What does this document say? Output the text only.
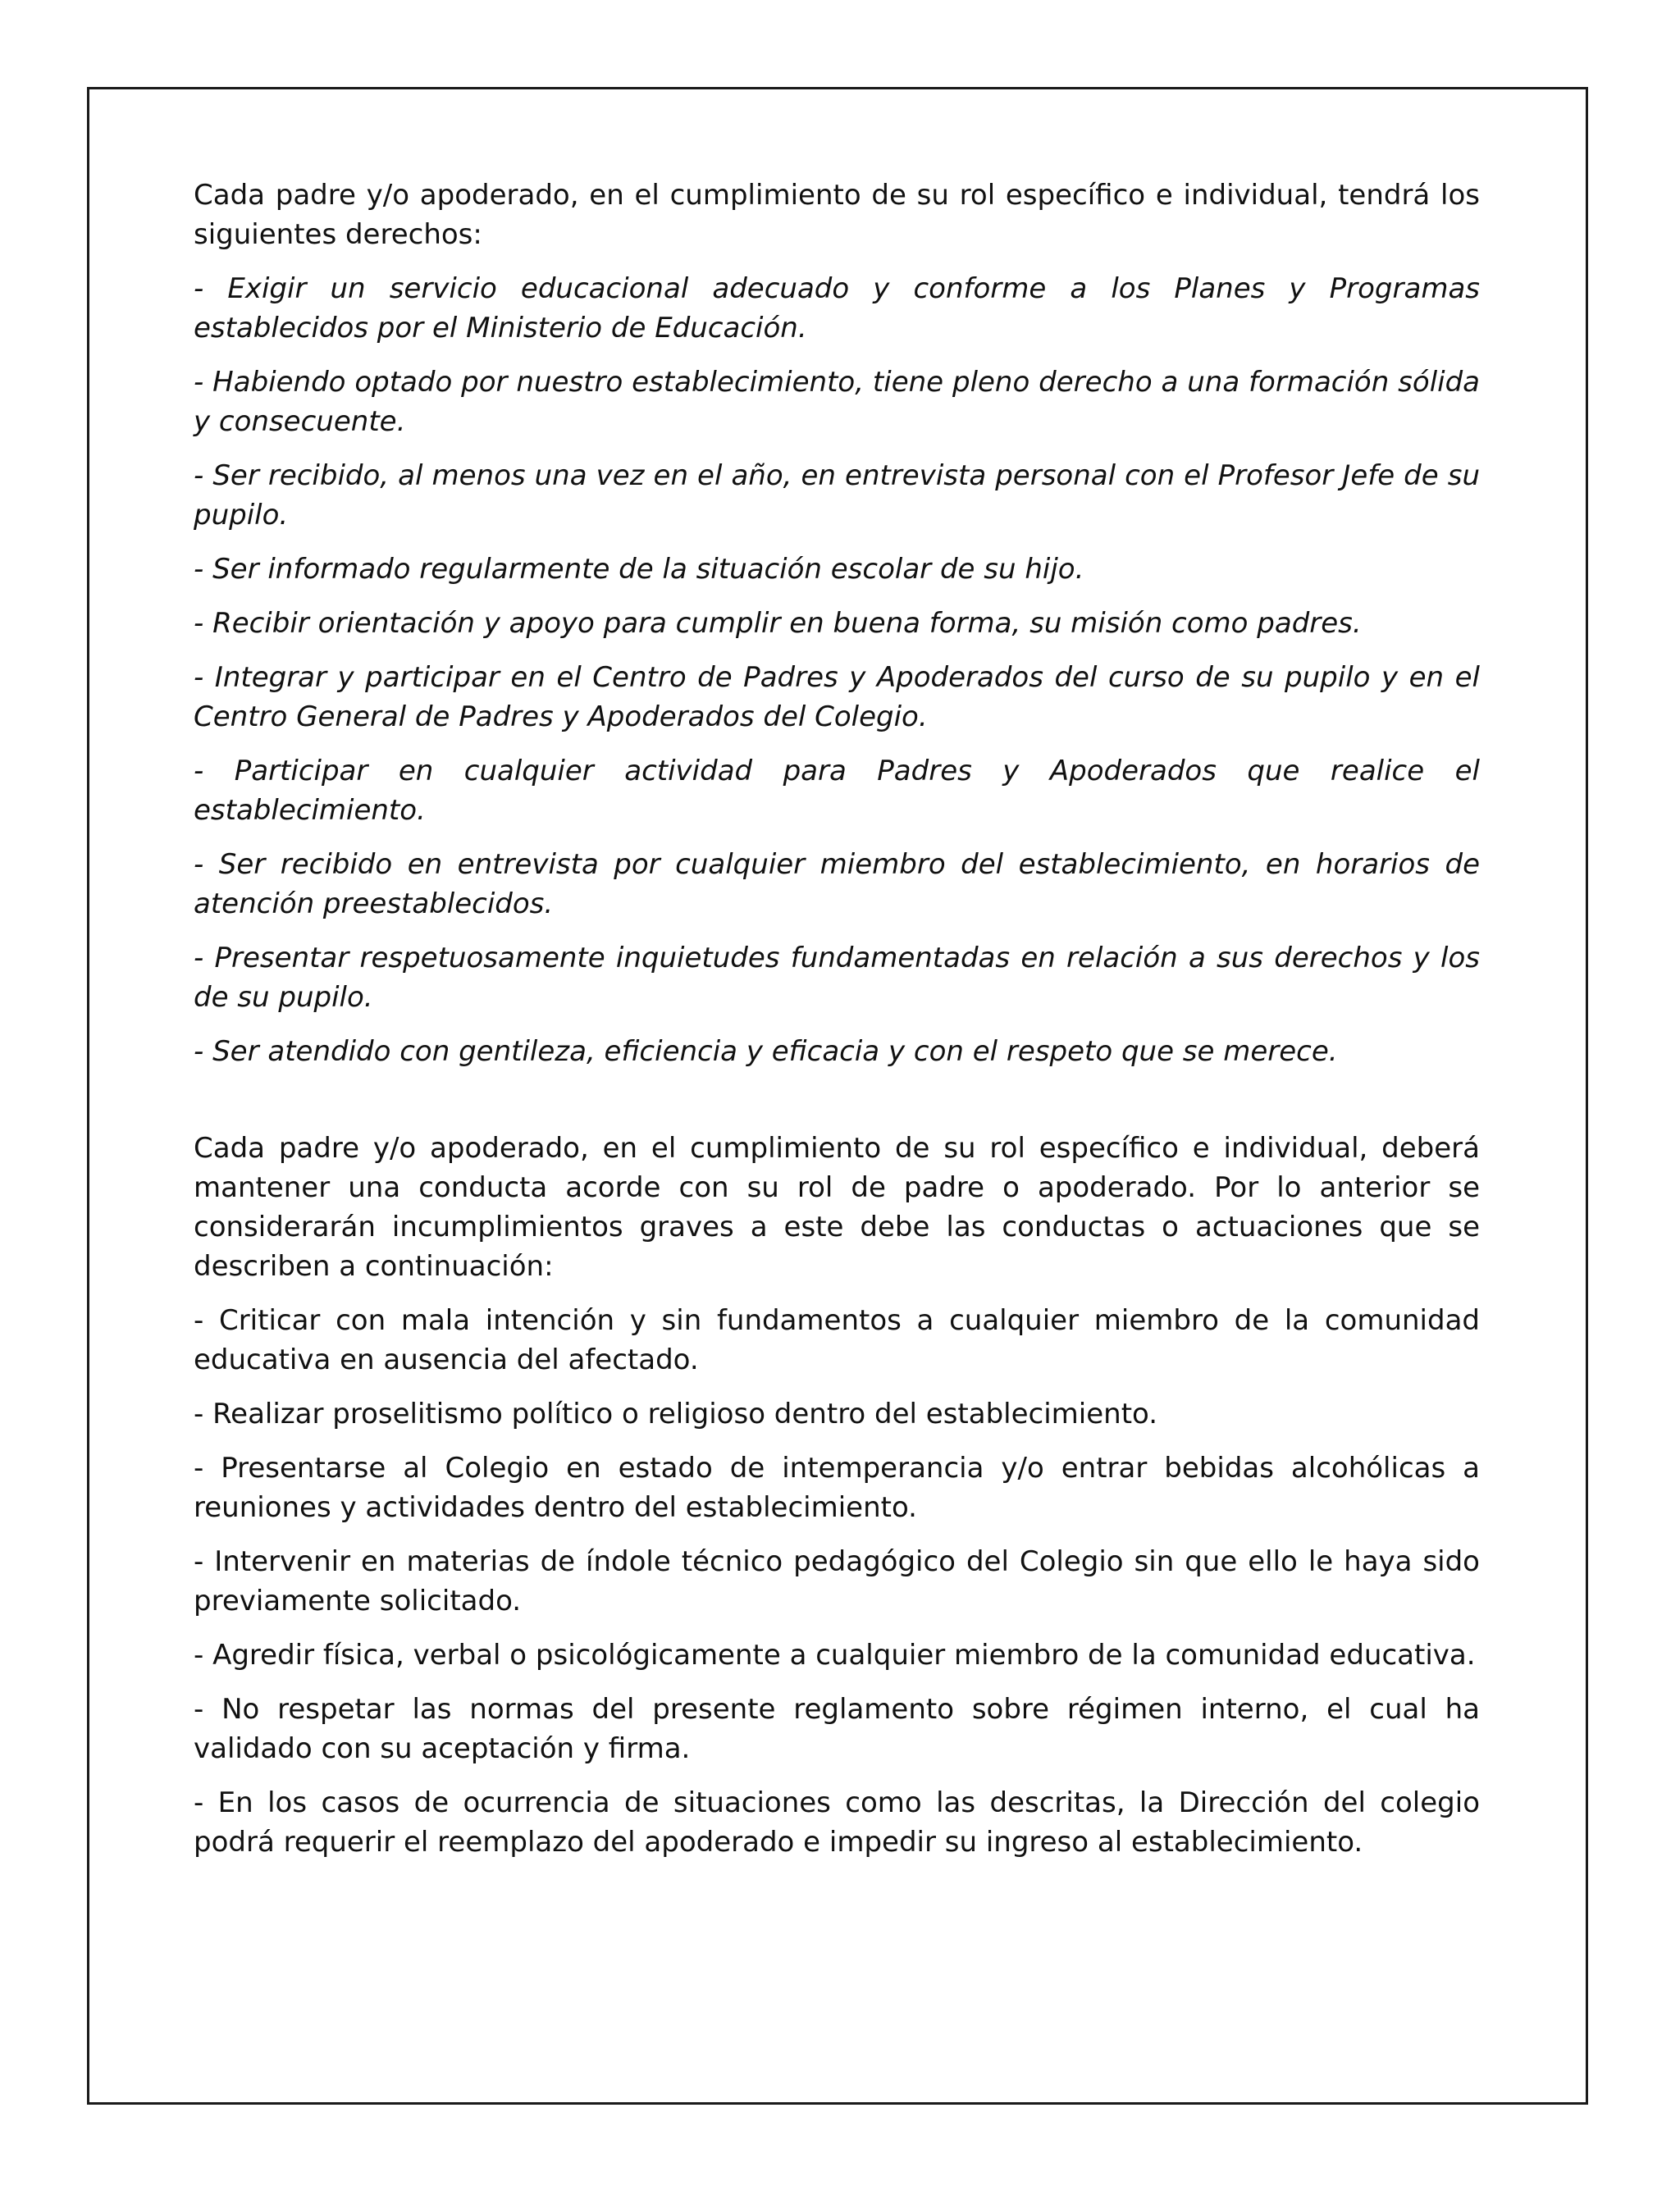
Cada padre y/o apoderado, en el cumplimiento de su rol específico e individual, tendrá los siguientes derechos:

- Exigir un servicio educacional adecuado y conforme a los Planes y Programas establecidos por el Ministerio de Educación.

- Habiendo optado por nuestro establecimiento, tiene pleno derecho a una formación sólida y consecuente.

- Ser recibido, al menos una vez en el año, en entrevista personal con el Profesor Jefe de su pupilo.

- Ser informado regularmente de la situación escolar de su hijo.

- Recibir orientación y apoyo para cumplir en buena forma, su misión como padres.

- Integrar y participar en el Centro de Padres y Apoderados del curso de su pupilo y en el Centro General de Padres y Apoderados del Colegio.

- Participar en cualquier actividad para Padres y Apoderados que realice el establecimiento.

- Ser recibido en entrevista por cualquier miembro del establecimiento, en horarios de atención preestablecidos.

- Presentar respetuosamente inquietudes fundamentadas en relación a sus derechos y los de su pupilo.

- Ser atendido con gentileza, eficiencia y eficacia y con el respeto que se merece.

Cada padre y/o apoderado, en el cumplimiento de su rol específico e individual, deberá mantener una conducta acorde con su rol de padre o apoderado. Por lo anterior se considerarán incumplimientos graves a este debe las conductas o actuaciones que se describen a continuación:

- Criticar con mala intención y sin fundamentos a cualquier miembro de la comunidad educativa en ausencia del afectado.

- Realizar proselitismo político o religioso dentro del establecimiento.

- Presentarse al Colegio en estado de intemperancia y/o entrar bebidas alcohólicas a reuniones y actividades dentro del establecimiento.

- Intervenir en materias de índole técnico pedagógico del Colegio sin que ello le haya sido previamente solicitado.

- Agredir física, verbal o psicológicamente a cualquier miembro de la comunidad educativa.

- No respetar las normas del presente reglamento sobre régimen interno, el cual ha validado con su aceptación y firma.

- En los casos de ocurrencia de situaciones como las descritas, la Dirección del colegio podrá requerir el reemplazo del apoderado e impedir su ingreso al establecimiento.
